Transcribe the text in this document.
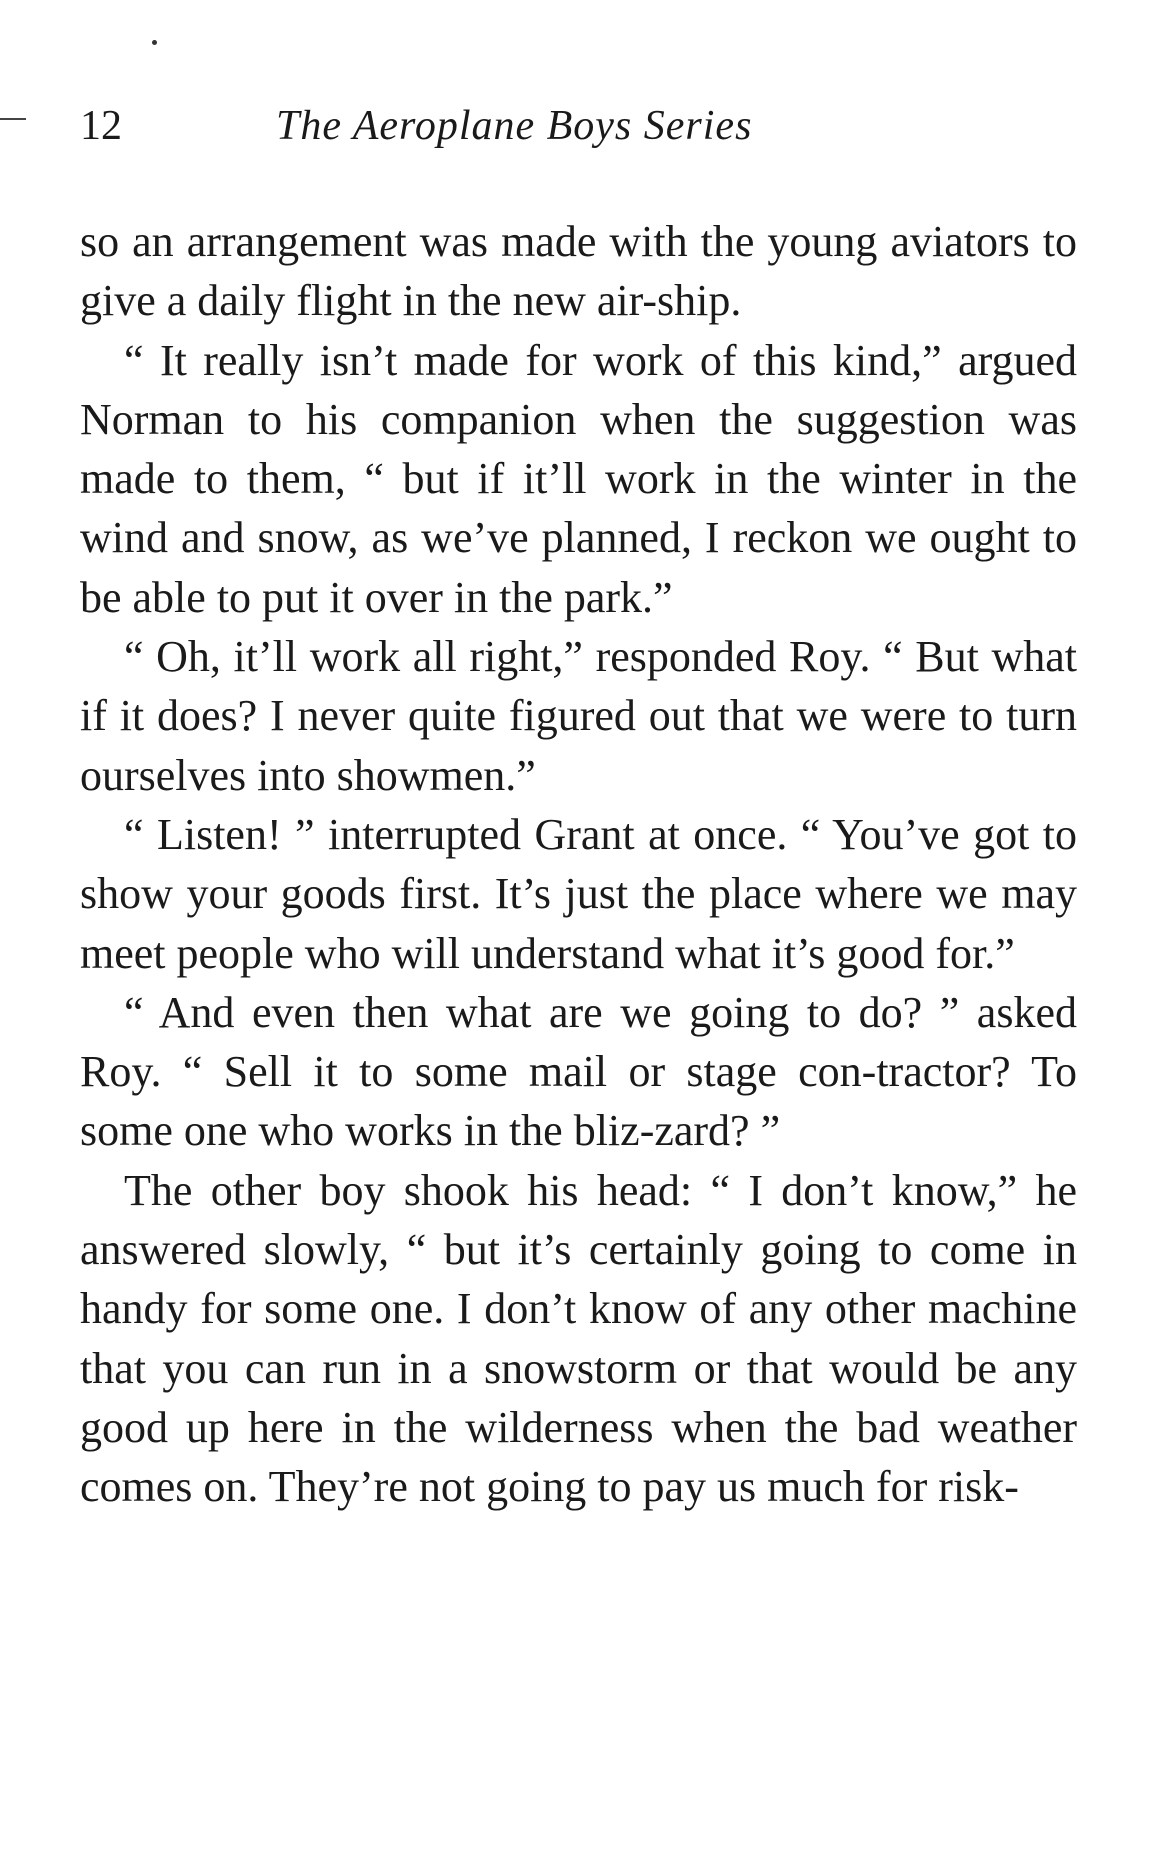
12	The Aeroplane Boys Series

so an arrangement was made with the young aviators to give a daily flight in the new air-ship.

“ It really isn’t made for work of this kind,” argued Norman to his companion when the suggestion was made to them, “ but if it’ll work in the winter in the wind and snow, as we’ve planned, I reckon we ought to be able to put it over in the park.”

“ Oh, it’ll work all right,” responded Roy. “ But what if it does? I never quite figured out that we were to turn ourselves into showmen.”

“ Listen! ” interrupted Grant at once. “ You’ve got to show your goods first. It’s just the place where we may meet people who will understand what it’s good for.”

“ And even then what are we going to do? ” asked Roy. “ Sell it to some mail or stage con-tractor? To some one who works in the bliz-zard? ”

The other boy shook his head: “ I don’t know,” he answered slowly, “ but it’s certainly going to come in handy for some one. I don’t know of any other machine that you can run in a snowstorm or that would be any good up here in the wilderness when the bad weather comes on. They’re not going to pay us much for risk-
